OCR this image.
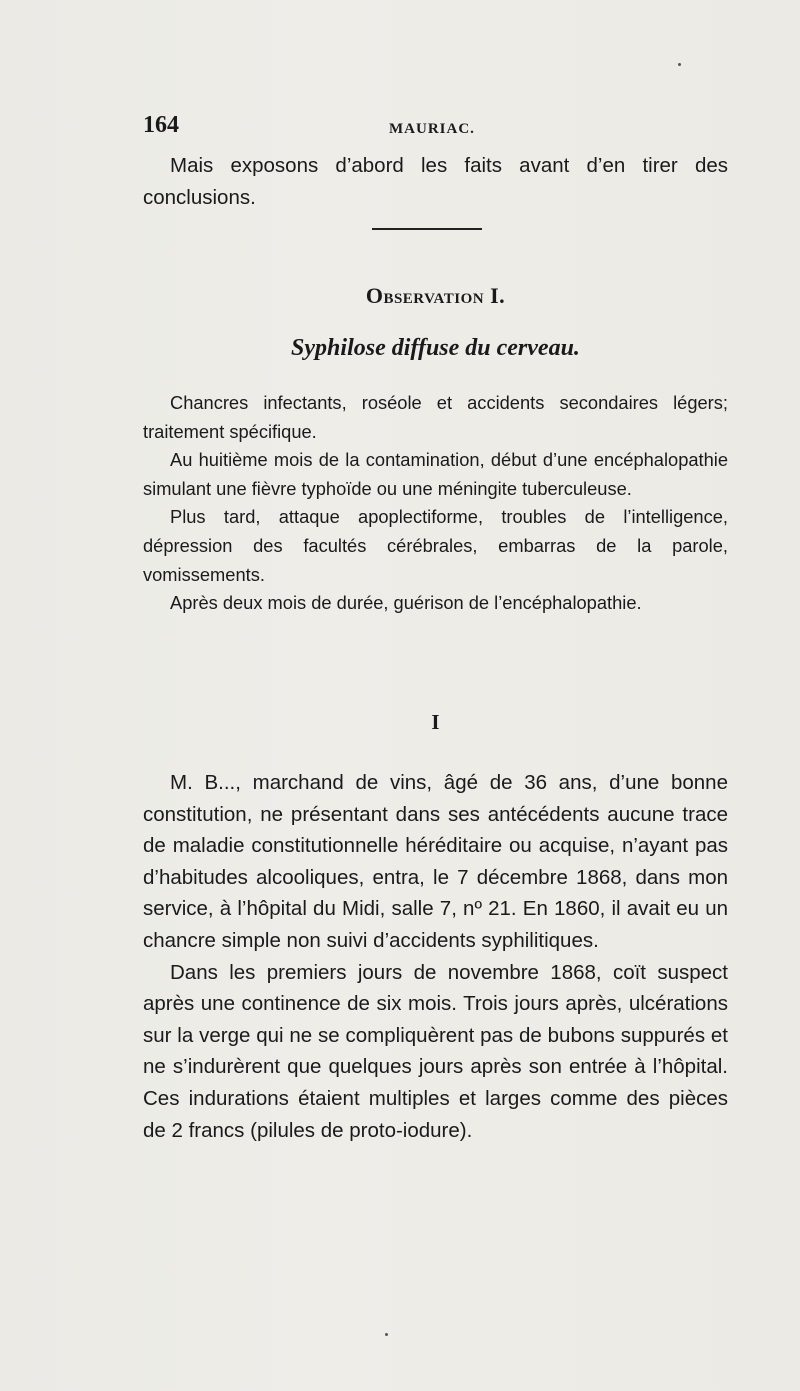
164	MAURIAC.

Mais exposons d’abord les faits avant d’en tirer des conclusions.

Observation I.
Syphilose diffuse du cerveau.

Chancres infectants, roséole et accidents secondaires légers; traitement spécifique.

Au huitième mois de la contamination, début d’une encéphalopathie simulant une fièvre typhoïde ou une méningite tuberculeuse.

Plus tard, attaque apoplectiforme, troubles de l’intelligence, dépression des facultés cérébrales, embarras de la parole, vomissements.

Après deux mois de durée, guérison de l’encéphalopathie.

I

M. B..., marchand de vins, âgé de 36 ans, d’une bonne constitution, ne présentant dans ses antécédents aucune trace de maladie constitutionnelle héréditaire ou acquise, n’ayant pas d’habitudes alcooliques, entra, le 7 décembre 1868, dans mon service, à l’hôpital du Midi, salle 7, nº 21. En 1860, il avait eu un chancre simple non suivi d’accidents syphilitiques.

Dans les premiers jours de novembre 1868, coït suspect après une continence de six mois. Trois jours après, ulcérations sur la verge qui ne se compliquèrent pas de bubons suppurés et ne s’indurèrent que quelques jours après son entrée à l’hôpital. Ces indurations étaient multiples et larges comme des pièces de 2 francs (pilules de proto-iodure).
